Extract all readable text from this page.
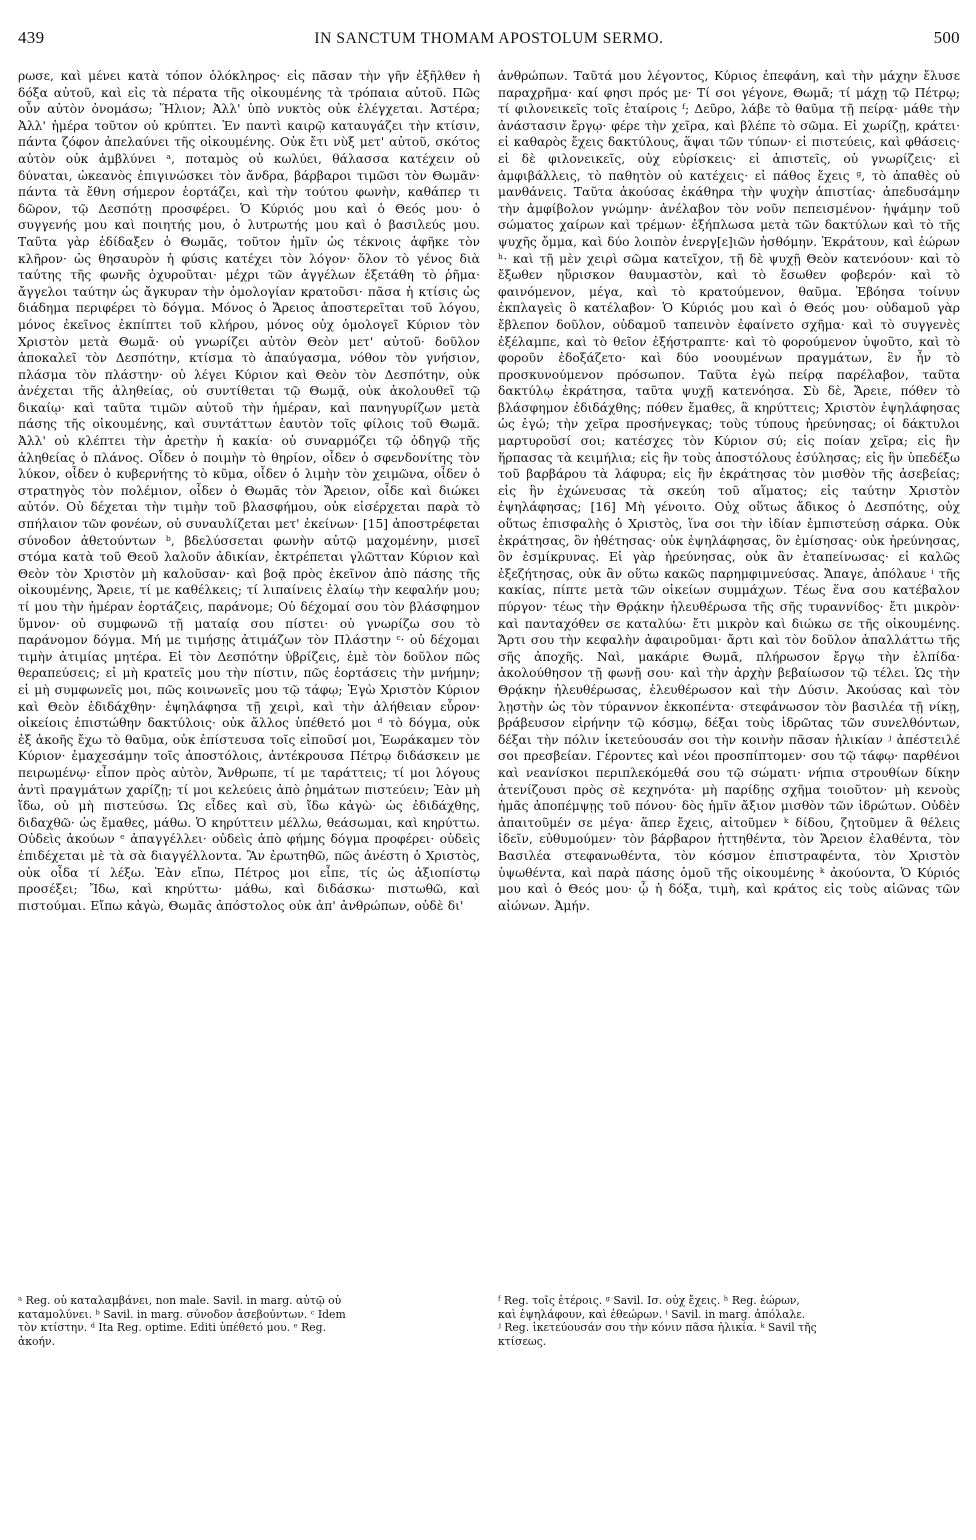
439	IN SANCTUM THOMAM APOSTOLUM SERMO.	500
ρωσε, καὶ μένει κατὰ τόπον ὁλόκληρος· εἰς πᾶσαν τὴν γῆν ἐξῆλθεν ἡ δόξα αὐτοῦ, καὶ εἰς τὰ πέρατα τῆς οἰκουμένης τὰ τρόπαια αὐτοῦ. Πῶς οὖν αὐτὸν ὀνομάσω; Ἥλιον; Ἀλλ' ὑπὸ νυκτὸς οὐκ ἐλέγχεται. Ἀστέρα; Ἀλλ' ἡμέρα τοῦτον οὐ κρύπτει. Ἐν παντὶ καιρῷ καταυγάζει τὴν κτίσιν, πάντα ζόφον ἀπελαύνει τῆς οἰκουμένης. Οὐκ ἔτι νὺξ μετ' αὐτοῦ, σκότος αὐτὸν οὐκ ἀμβλύνει ᵃ, ποταμὸς οὐ κωλύει, θάλασσα κατέχειν οὐ δύναται, ὠκεανὸς ἐπιγινώσκει τὸν ἄνδρα, βάρβαροι τιμῶσι τὸν Θωμᾶν· πάντα τὰ ἔθνη σήμερον ἑορτάζει, καὶ τὴν τούτου φωνὴν, καθάπερ τι δῶρον, τῷ Δεσπότῃ προσφέρει. Ὁ Κύριός μου καὶ ὁ Θεός μου· ὁ συγγενής μου καὶ ποιητής μου, ὁ λυτρωτής μου καὶ ὁ βασιλεύς μου. Ταῦτα γὰρ ἐδίδαξεν ὁ Θωμᾶς, τοῦτον ἡμῖν ὡς τέκνοις ἀφῆκε τὸν κλῆρον· ὡς θησαυρὸν ἡ φύσις κατέχει τὸν λόγον· ὅλον τὸ γένος διὰ ταύτης τῆς φωνῆς ὀχυροῦται· μέχρι τῶν ἀγγέλων ἐξετάθη τὸ ῥῆμα· ἄγγελοι ταύτην ὡς ἄγκυραν τὴν ὁμολογίαν κρατοῦσι· πᾶσα ἡ κτίσις ὡς διάδημα περιφέρει τὸ δόγμα. Μόνος ὁ Ἄρειος ἀποστερεῖται τοῦ λόγου, μόνος ἐκεῖνος ἐκπίπτει τοῦ κλήρου, μόνος οὐχ ὁμολογεῖ Κύριον τὸν Χριστὸν μετὰ Θωμᾶ· οὐ γνωρίζει αὐτὸν Θεὸν μετ' αὐτοῦ· δοῦλον ἀποκαλεῖ τὸν Δεσπότην, κτίσμα τὸ ἀπαύγασμα, νόθον τὸν γνήσιον, πλάσμα τὸν πλάστην· οὐ λέγει Κύριον καὶ Θεὸν τὸν Δεσπότην, οὐκ ἀνέχεται τῆς ἀληθείας, οὐ συντίθεται τῷ Θωμᾷ, οὐκ ἀκολουθεῖ τῷ δικαίῳ· καὶ ταῦτα τιμῶν αὐτοῦ τὴν ἡμέραν, καὶ πανηγυρίζων μετὰ πάσης τῆς οἰκουμένης, καὶ συντάττων ἑαυτὸν τοῖς φίλοις τοῦ Θωμᾶ. Ἀλλ' οὐ κλέπτει τὴν ἀρετὴν ἡ κακία· οὐ συναρμόζει τῷ ὁδηγῷ τῆς ἀληθείας ὁ πλάνος. Οἶδεν ὁ ποιμὴν τὸ θηρίον, οἶδεν ὁ σφενδονίτης τὸν λύκον, οἶδεν ὁ κυβερνήτης τὸ κῦμα, οἶδεν ὁ λιμὴν τὸν χειμῶνα, οἶδεν ὁ στρατηγὸς τὸν πολέμιον, οἶδεν ὁ Θωμᾶς τὸν Ἄρειον, οἶδε καὶ διώκει αὐτόν. Οὐ δέχεται τὴν τιμὴν τοῦ βλασφήμου, οὐκ εἰσέρχεται παρὰ τὸ σπήλαιον τῶν φονέων, οὐ συναυλίζεται μετ' ἐκείνων· [15] ἀποστρέφεται σύνοδον ἀθετούντων ᵇ, βδελύσσεται φωνὴν αὐτῷ μαχομένην, μισεῖ στόμα κατὰ τοῦ Θεοῦ λαλοῦν ἀδικίαν, ἐκτρέπεται γλῶτταν Κύριον καὶ Θεὸν τὸν Χριστὸν μὴ καλοῦσαν· καὶ βοᾷ πρὸς ἐκεῖνον ἀπὸ πάσης τῆς οἰκουμένης, Ἄρειε, τί με καθέλκεις; τί λιπαίνεις ἐλαίῳ τὴν κεφαλήν μου; τί μου τὴν ἡμέραν ἑορτάζεις, παράνομε; Οὐ δέχομαί σου τὸν βλάσφημον ὕμνον· οὐ συμφωνῶ τῇ ματαίᾳ σου πίστει· οὐ γνωρίζω σου τὸ παράνομον δόγμα. Μή με τιμήσῃς ἀτιμάζων τὸν Πλάστην ᶜ· οὐ δέχομαι τιμὴν ἀτιμίας μητέρα. Εἰ τὸν Δεσπότην ὑβρίζεις, ἐμὲ τὸν δοῦλον πῶς θεραπεύσεις; εἰ μὴ κρατεῖς μου τὴν πίστιν, πῶς ἑορτάσεις τὴν μνήμην; εἰ μὴ συμφωνεῖς μοι, πῶς κοινωνεῖς μου τῷ τάφῳ; Ἐγὼ Χριστὸν Κύριον καὶ Θεὸν ἐδιδάχθην· ἐψηλάφησα τῇ χειρὶ, καὶ τὴν ἀλήθειαν εὗρον· οἰκείοις ἐπιστώθην δακτύλοις· οὐκ ἄλλος ὑπέθετό μοι ᵈ τὸ δόγμα, οὐκ ἐξ ἀκοῆς ἔχω τὸ θαῦμα, οὐκ ἐπίστευσα τοῖς εἰποῦσί μοι, Ἑωράκαμεν τὸν Κύριον· ἐμαχεσάμην τοῖς ἀποστόλοις, ἀντέκρουσα Πέτρῳ διδάσκειν με πειρωμένῳ· εἶπον πρὸς αὐτὸν, Ἄνθρωπε, τί με ταράττεις; τί μοι λόγους ἀντὶ πραγμάτων χαρίζῃ; τί μοι κελεύεις ἀπὸ ῥημάτων πιστεύειν; Ἐὰν μὴ ἴδω, οὐ μὴ πιστεύσω. Ὡς εἶδες καὶ σὺ, ἴδω κἀγὼ· ὡς ἐδιδάχθης, διδαχθῶ· ὡς ἔμαθες, μάθω. Ὁ κηρύττειν μέλλω, θεάσωμαι, καὶ κηρύττω. Οὐδεὶς ἀκούων ᵉ ἀπαγγέλλει· οὐδεὶς ἀπὸ φήμης δόγμα προφέρει· οὐδεὶς ἐπιδέχεται μὲ τὰ σὰ διαγγέλλοντα. Ἂν ἐρωτηθῶ, πῶς ἀνέστη ὁ Χριστὸς, οὐκ οἶδα τί λέξω. Ἐὰν εἴπω, Πέτρος μοι εἶπε, τίς ὡς ἀξιοπίστῳ προσέξει; Ἴδω, καὶ κηρύττω· μάθω, καὶ διδάσκω· πιστωθῶ, καὶ πιστούμαι. Εἴπω κἀγὼ, Θωμᾶς ἀπόστολος οὐκ ἀπ' ἀνθρώπων, οὐδὲ δι'
ᵃ Reg. οὐ καταλαμβάνει, non male. Savil. in marg. αὐτῷ οὐ
καταμολύνει. ᵇ Savil. in marg. σύνοδον ἀσεβούντων. ᶜ Idem
τὸν κτίστην. ᵈ Ita Reg. optime. Editi ὑπέθετό μου. ᵉ Reg.
ἀκοήν.
ἀνθρώπων. Ταῦτά μου λέγοντος, Κύριος ἐπεφάνη, καὶ τὴν μάχην ἔλυσε παραχρῆμα· καί φησι πρός με· Τί σοι γέγονε, Θωμᾶ; τί μάχῃ τῷ Πέτρῳ; τί φιλονεικεῖς τοῖς ἑταίροις ᶠ; Δεῦρο, λάβε τὸ θαῦμα τῇ πείρᾳ· μάθε τὴν ἀνάστασιν ἔργῳ· φέρε τὴν χεῖρα, καὶ βλέπε τὸ σῶμα. Εἰ χωρίζῃ, κράτει· εἰ καθαρὸς ἔχεις δακτύλους, ἅψαι τῶν τύπων· εἰ πιστεύεις, καὶ φθάσεις· εἰ δὲ φιλονεικεῖς, οὐχ εὑρίσκεις· εἰ ἀπιστεῖς, οὐ γνωρίζεις· εἰ ἀμφιβάλλεις, τὸ παθητὸν οὐ κατέχεις· εἰ πάθος ἔχεις ᵍ, τὸ ἀπαθὲς οὐ μανθάνεις. Ταῦτα ἀκούσας ἐκάθηρα τὴν ψυχὴν ἀπιστίας· ἀπεδυσάμην τὴν ἀμφίβολον γνώμην· ἀνέλαβον τὸν νοῦν πεπεισμένον· ἡψάμην τοῦ σώματος χαίρων καὶ τρέμων· ἐξήπλωσα μετὰ τῶν δακτύλων καὶ τὸ τῆς ψυχῆς ὄμμα, καὶ δύο λοιπὸν ἐνεργ[ε]ιῶν ἠσθόμην. Ἐκράτουν, καὶ ἑώρων ʰ· καὶ τῇ μὲν χειρὶ σῶμα κατεῖχον, τῇ δὲ ψυχῇ Θεὸν κατενόουν· καὶ τὸ ἔξωθεν ηὕρισκον θαυμαστὸν, καὶ τὸ ἔσωθεν φοβερόν· καὶ τὸ φαινόμενον, μέγα, καὶ τὸ κρατούμενον, θαῦμα. Ἐβόησα τοίνυν ἐκπλαγεὶς ὃ κατέλαβον· Ὁ Κύριός μου καὶ ὁ Θεός μου· οὐδαμοῦ γὰρ ἔβλεπον δοῦλον, οὐδαμοῦ ταπεινὸν ἐφαίνετο σχῆμα· καὶ τὸ συγγενὲς ἐξέλαμπε, καὶ τὸ θεῖον ἐξήστραπτε· καὶ τὸ φορούμενον ὑψοῦτο, καὶ τὸ φοροῦν ἐδοξάζετο· καὶ δύο νοουμένων πραγμάτων, ἓν ἦν τὸ προσκυνούμενον πρόσωπον. Ταῦτα ἐγὼ πείρᾳ παρέλαβον, ταῦτα δακτύλῳ ἐκράτησα, ταῦτα ψυχῇ κατενόησα. Σὺ δὲ, Ἄρειε, πόθεν τὸ βλάσφημον ἐδιδάχθης; πόθεν ἔμαθες, ἃ κηρύττεις; Χριστὸν ἐψηλάφησας ὡς ἐγώ; τὴν χεῖρα προσήνεγκας; τοὺς τύπους ἠρεύνησας; οἱ δάκτυλοι μαρτυροῦσί σοι; κατέσχες τὸν Κύριον σύ; εἰς ποίαν χεῖρα; εἰς ἣν ἥρπασας τὰ κειμήλια; εἰς ἣν τοὺς ἀποστόλους ἐσύλησας; εἰς ἣν ὑπεδέξω τοῦ βαρβάρου τὰ λάφυρα; εἰς ἣν ἐκράτησας τὸν μισθὸν τῆς ἀσεβείας; εἰς ἣν ἐχώνευσας τὰ σκεύη τοῦ αἵματος; εἰς ταύτην Χριστὸν ἐψηλάφησας; [16] Μὴ γένοιτο. Οὐχ οὕτως ἄδικος ὁ Δεσπότης, οὐχ οὕτως ἐπισφαλὴς ὁ Χριστὸς, ἵνα σοι τὴν ἰδίαν ἐμπιστεύσῃ σάρκα. Οὐκ ἐκράτησας, ὃν ἠθέτησας· οὐκ ἐψηλάφησας, ὃν ἐμίσησας· οὐκ ἠρεύνησας, ὃν ἐσμίκρυνας. Εἰ γὰρ ἠρεύνησας, οὐκ ἂν ἐταπείνωσας· εἰ καλῶς ἐξεζήτησας, οὐκ ἂν οὕτω κακῶς παρημφιμνεύσας. Ἄπαγε, ἀπόλαυε ⁱ τῆς κακίας, πίπτε μετὰ τῶν οἰκείων συμμάχων. Τέως ἕνα σου κατέβαλον πύργον· τέως τὴν Θρᾴκην ἠλευθέρωσα τῆς σῆς τυραννίδος· ἔτι μικρὸν· καὶ πανταχόθεν σε καταλύω· ἔτι μικρὸν καὶ διώκω σε τῆς οἰκουμένης. Ἄρτι σου τὴν κεφαλὴν ἀφαιροῦμαι· ἄρτι καὶ τὸν δοῦλον ἀπαλλάττω τῆς σῆς ἀποχῆς. Ναὶ, μακάριε Θωμᾶ, πλήρωσον ἔργῳ τὴν ἐλπίδα· ἀκολούθησον τῇ φωνῇ σου· καὶ τὴν ἀρχὴν βεβαίωσον τῷ τέλει. Ὡς τὴν Θρᾴκην ἠλευθέρωσας, ἐλευθέρωσον καὶ τὴν Δύσιν. Ἀκούσας καὶ τὸν λῃστὴν ὡς τὸν τύραννον ἐκκοπέντα· στεφάνωσον τὸν βασιλέα τῇ νίκῃ, βράβευσον εἰρήνην τῷ κόσμῳ, δέξαι τοὺς ἱδρῶτας τῶν συνελθόντων, δέξαι τὴν πόλιν ἱκετεύουσάν σοι τὴν κοινὴν πᾶσαν ἡλικίαν ʲ ἀπέστειλέ σοι πρεσβείαν. Γέροντες καὶ νέοι προσπίπτομεν· σου τῷ τάφῳ· παρθένοι καὶ νεανίσκοι περιπλεκόμεθά σου τῷ σώματι· νήπια στρουθίων δίκην ἀτενίζουσι πρὸς σὲ κεχηνότα· μὴ παρίδῃς σχῆμα τοιοῦτον· μὴ κενοὺς ἡμᾶς ἀποπέμψῃς τοῦ πόνου· δὸς ἡμῖν ἄξιον μισθὸν τῶν ἱδρώτων. Οὐδὲν ἀπαιτοῦμέν σε μέγα· ἅπερ ἔχεις, αἰτοῦμεν ᵏ δίδου, ζητοῦμεν ἃ θέλεις ἰδεῖν, εὐθυμούμεν· τὸν βάρβαρον ἡττηθέντα, τὸν Ἄρειον ἐλαθέντα, τὸν Βασιλέα στεφανωθέντα, τὸν κόσμον ἐπιστραφέντα, τὸν Χριστὸν ὑψωθέντα, καὶ παρὰ πάσης ὁμοῦ τῆς οἰκουμένης ᵏ ἀκούοντα, Ὁ Κύριός μου καὶ ὁ Θεός μου· ᾧ ἡ δόξα, τιμὴ, καὶ κράτος εἰς τοὺς αἰῶνας τῶν αἰώνων. Ἀμήν.
ᶠ Reg. τοῖς ἑτέροις. ᵍ Savil. Ισ. οὐχ ἔχεις. ʰ Reg. ἑώρων,
καὶ ἐψηλάφουν, καὶ ἐθεώρων. ⁱ Savil. in marg. ἀπόλαλε.
ʲ Reg. ἱκετεύουσάν σου τὴν κόνιν πᾶσα ἡλικία. ᵏ Savil τῆς
κτίσεως.
